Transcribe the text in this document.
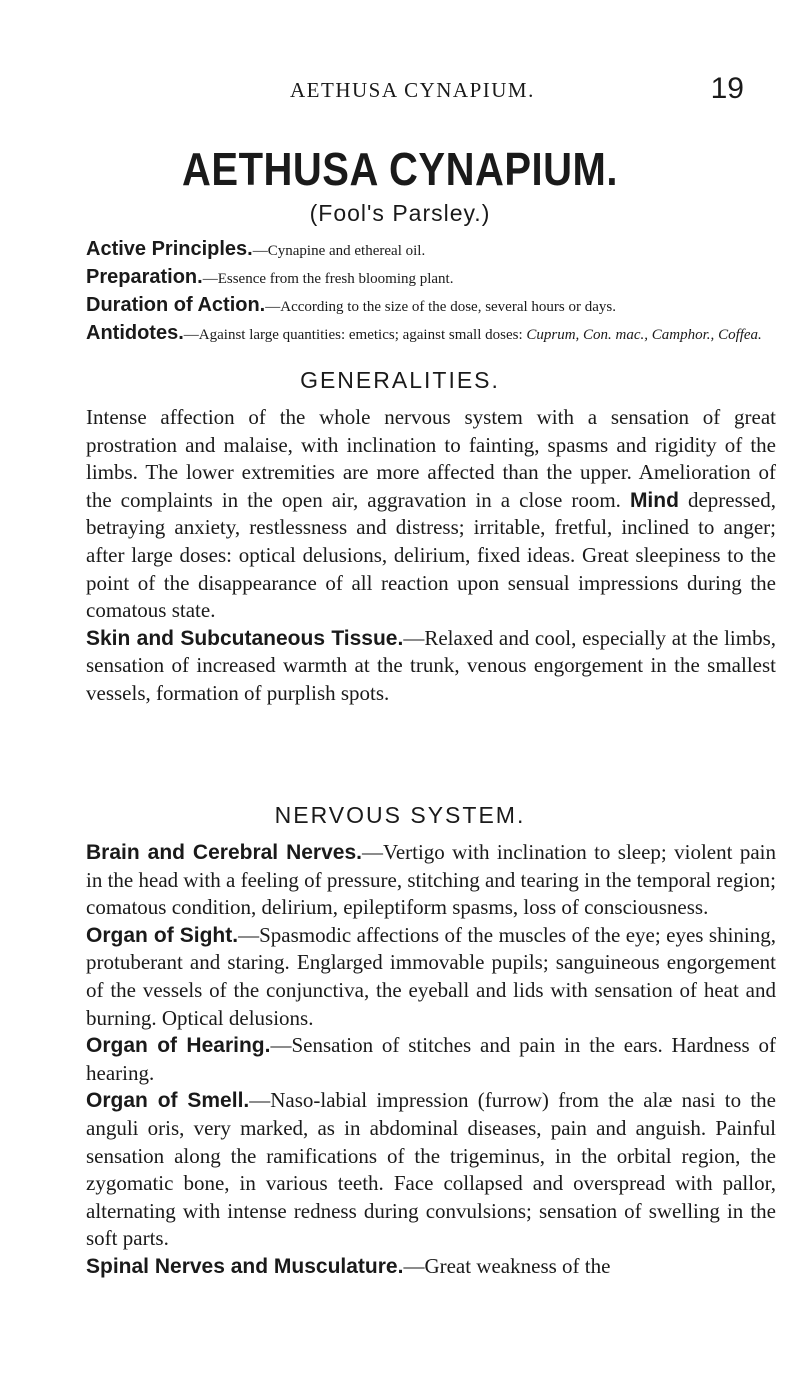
AETHUSA CYNAPIUM.	19
AETHUSA CYNAPIUM.
(Fool's Parsley.)

Active Principles.—Cynapine and ethereal oil.

Preparation.—Essence from the fresh blooming plant.

Duration of Action.—According to the size of the dose, several hours or days.

Antidotes.—Against large quantities: emetics; against small doses: Cuprum, Con. mac., Camphor., Coffea.

GENERALITIES.

Intense affection of the whole nervous system with a sensation of great prostration and malaise, with inclination to fainting, spasms and rigidity of the limbs. The lower extremities are more affected than the upper. Amelioration of the complaints in the open air, aggravation in a close room. Mind depressed, betraying anxiety, restlessness and distress; irritable, fretful, inclined to anger; after large doses: optical delusions, delirium, fixed ideas. Great sleepiness to the point of the disappearance of all reaction upon sensual impressions during the comatous state.

Skin and Subcutaneous Tissue.—Relaxed and cool, especially at the limbs, sensation of increased warmth at the trunk, venous engorgement in the smallest vessels, formation of purplish spots.

NERVOUS SYSTEM.

Brain and Cerebral Nerves.—Vertigo with inclination to sleep; violent pain in the head with a feeling of pressure, stitching and tearing in the temporal region; comatous condition, delirium, epileptiform spasms, loss of consciousness.

Organ of Sight.—Spasmodic affections of the muscles of the eye; eyes shining, protuberant and staring. Englarged immovable pupils; sanguineous engorgement of the vessels of the conjunctiva, the eyeball and lids with sensation of heat and burning. Optical delusions.

Organ of Hearing.—Sensation of stitches and pain in the ears. Hardness of hearing.

Organ of Smell.—Naso-labial impression (furrow) from the alæ nasi to the anguli oris, very marked, as in abdominal diseases, pain and anguish. Painful sensation along the ramifications of the trigeminus, in the orbital region, the zygomatic bone, in various teeth. Face collapsed and overspread with pallor, alternating with intense redness during convulsions; sensation of swelling in the soft parts.

Spinal Nerves and Musculature.—Great weakness of the
